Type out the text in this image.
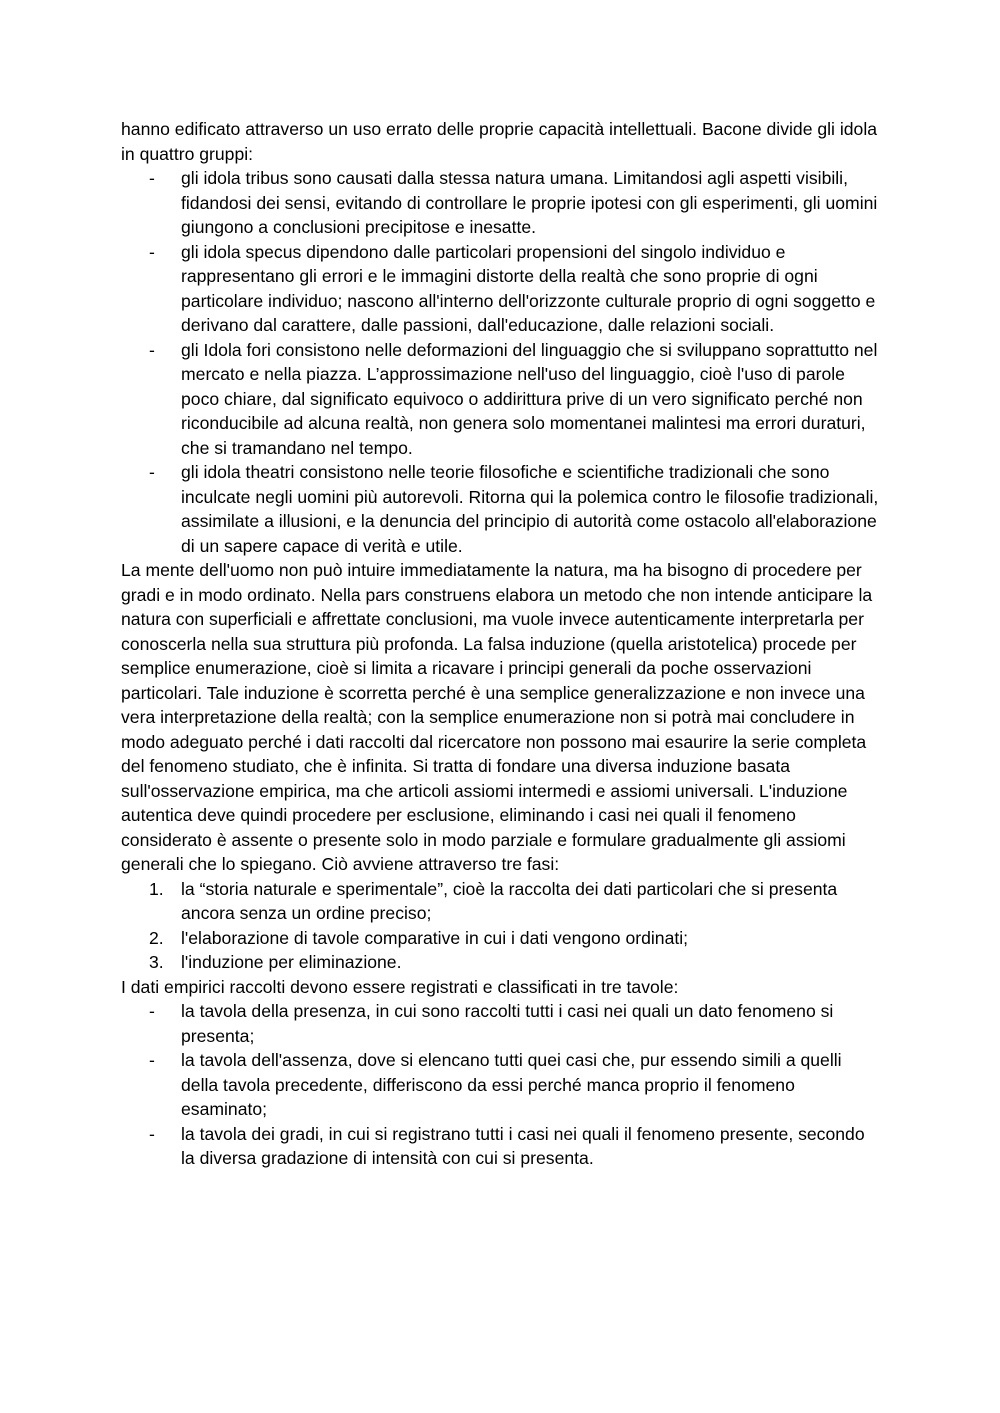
hanno edificato attraverso un uso errato delle proprie capacità intellettuali. Bacone divide gli idola in quattro gruppi:

- gli idola tribus sono causati dalla stessa natura umana. Limitandosi agli aspetti visibili, fidandosi dei sensi, evitando di controllare le proprie ipotesi con gli esperimenti, gli uomini giungono a conclusioni precipitose e inesatte.
- gli idola specus dipendono dalle particolari propensioni del singolo individuo e rappresentano gli errori e le immagini distorte della realtà che sono proprie di ogni particolare individuo; nascono all'interno dell'orizzonte culturale proprio di ogni soggetto e derivano dal carattere, dalle passioni, dall'educazione, dalle relazioni sociali.
- gli Idola fori consistono nelle deformazioni del linguaggio che si sviluppano soprattutto nel mercato e nella piazza. L’approssimazione nell'uso del linguaggio, cioè l'uso di parole poco chiare, dal significato equivoco o addirittura prive di un vero significato perché non riconducibile ad alcuna realtà, non genera solo momentanei malintesi ma errori duraturi, che si tramandano nel tempo.
- gli idola theatri consistono nelle teorie filosofiche e scientifiche tradizionali che sono inculcate negli uomini più autorevoli. Ritorna qui la polemica contro le filosofie tradizionali, assimilate a illusioni, e la denuncia del principio di autorità come ostacolo all'elaborazione di un sapere capace di verità e utile.

La mente dell'uomo non può intuire immediatamente la natura, ma ha bisogno di procedere per gradi e in modo ordinato. Nella pars construens elabora un metodo che non intende anticipare la natura con superficiali e affrettate conclusioni, ma vuole invece autenticamente interpretarla per conoscerla nella sua struttura più profonda. La falsa induzione (quella aristotelica) procede per semplice enumerazione, cioè si limita a ricavare i principi generali da poche osservazioni particolari. Tale induzione è scorretta perché è una semplice generalizzazione e non invece una vera interpretazione della realtà; con la semplice enumerazione non si potrà mai concludere in modo adeguato perché i dati raccolti dal ricercatore non possono mai esaurire la serie completa del fenomeno studiato, che è infinita. Si tratta di fondare una diversa induzione basata sull'osservazione empirica, ma che articoli assiomi intermedi e assiomi universali. L'induzione autentica deve quindi procedere per esclusione, eliminando i casi nei quali il fenomeno considerato è assente o presente solo in modo parziale e formulare gradualmente gli assiomi generali che lo spiegano. Ciò avviene attraverso tre fasi:

1. la “storia naturale e sperimentale”, cioè la raccolta dei dati particolari che si presenta ancora senza un ordine preciso;
2. l'elaborazione di tavole comparative in cui i dati vengono ordinati;
3. l'induzione per eliminazione.

I dati empirici raccolti devono essere registrati e classificati in tre tavole:

- la tavola della presenza, in cui sono raccolti tutti i casi nei quali un dato fenomeno si presenta;
- la tavola dell'assenza, dove si elencano tutti quei casi che, pur essendo simili a quelli della tavola precedente, differiscono da essi perché manca proprio il fenomeno esaminato;
- la tavola dei gradi, in cui si registrano tutti i casi nei quali il fenomeno presente, secondo la diversa gradazione di intensità con cui si presenta.
